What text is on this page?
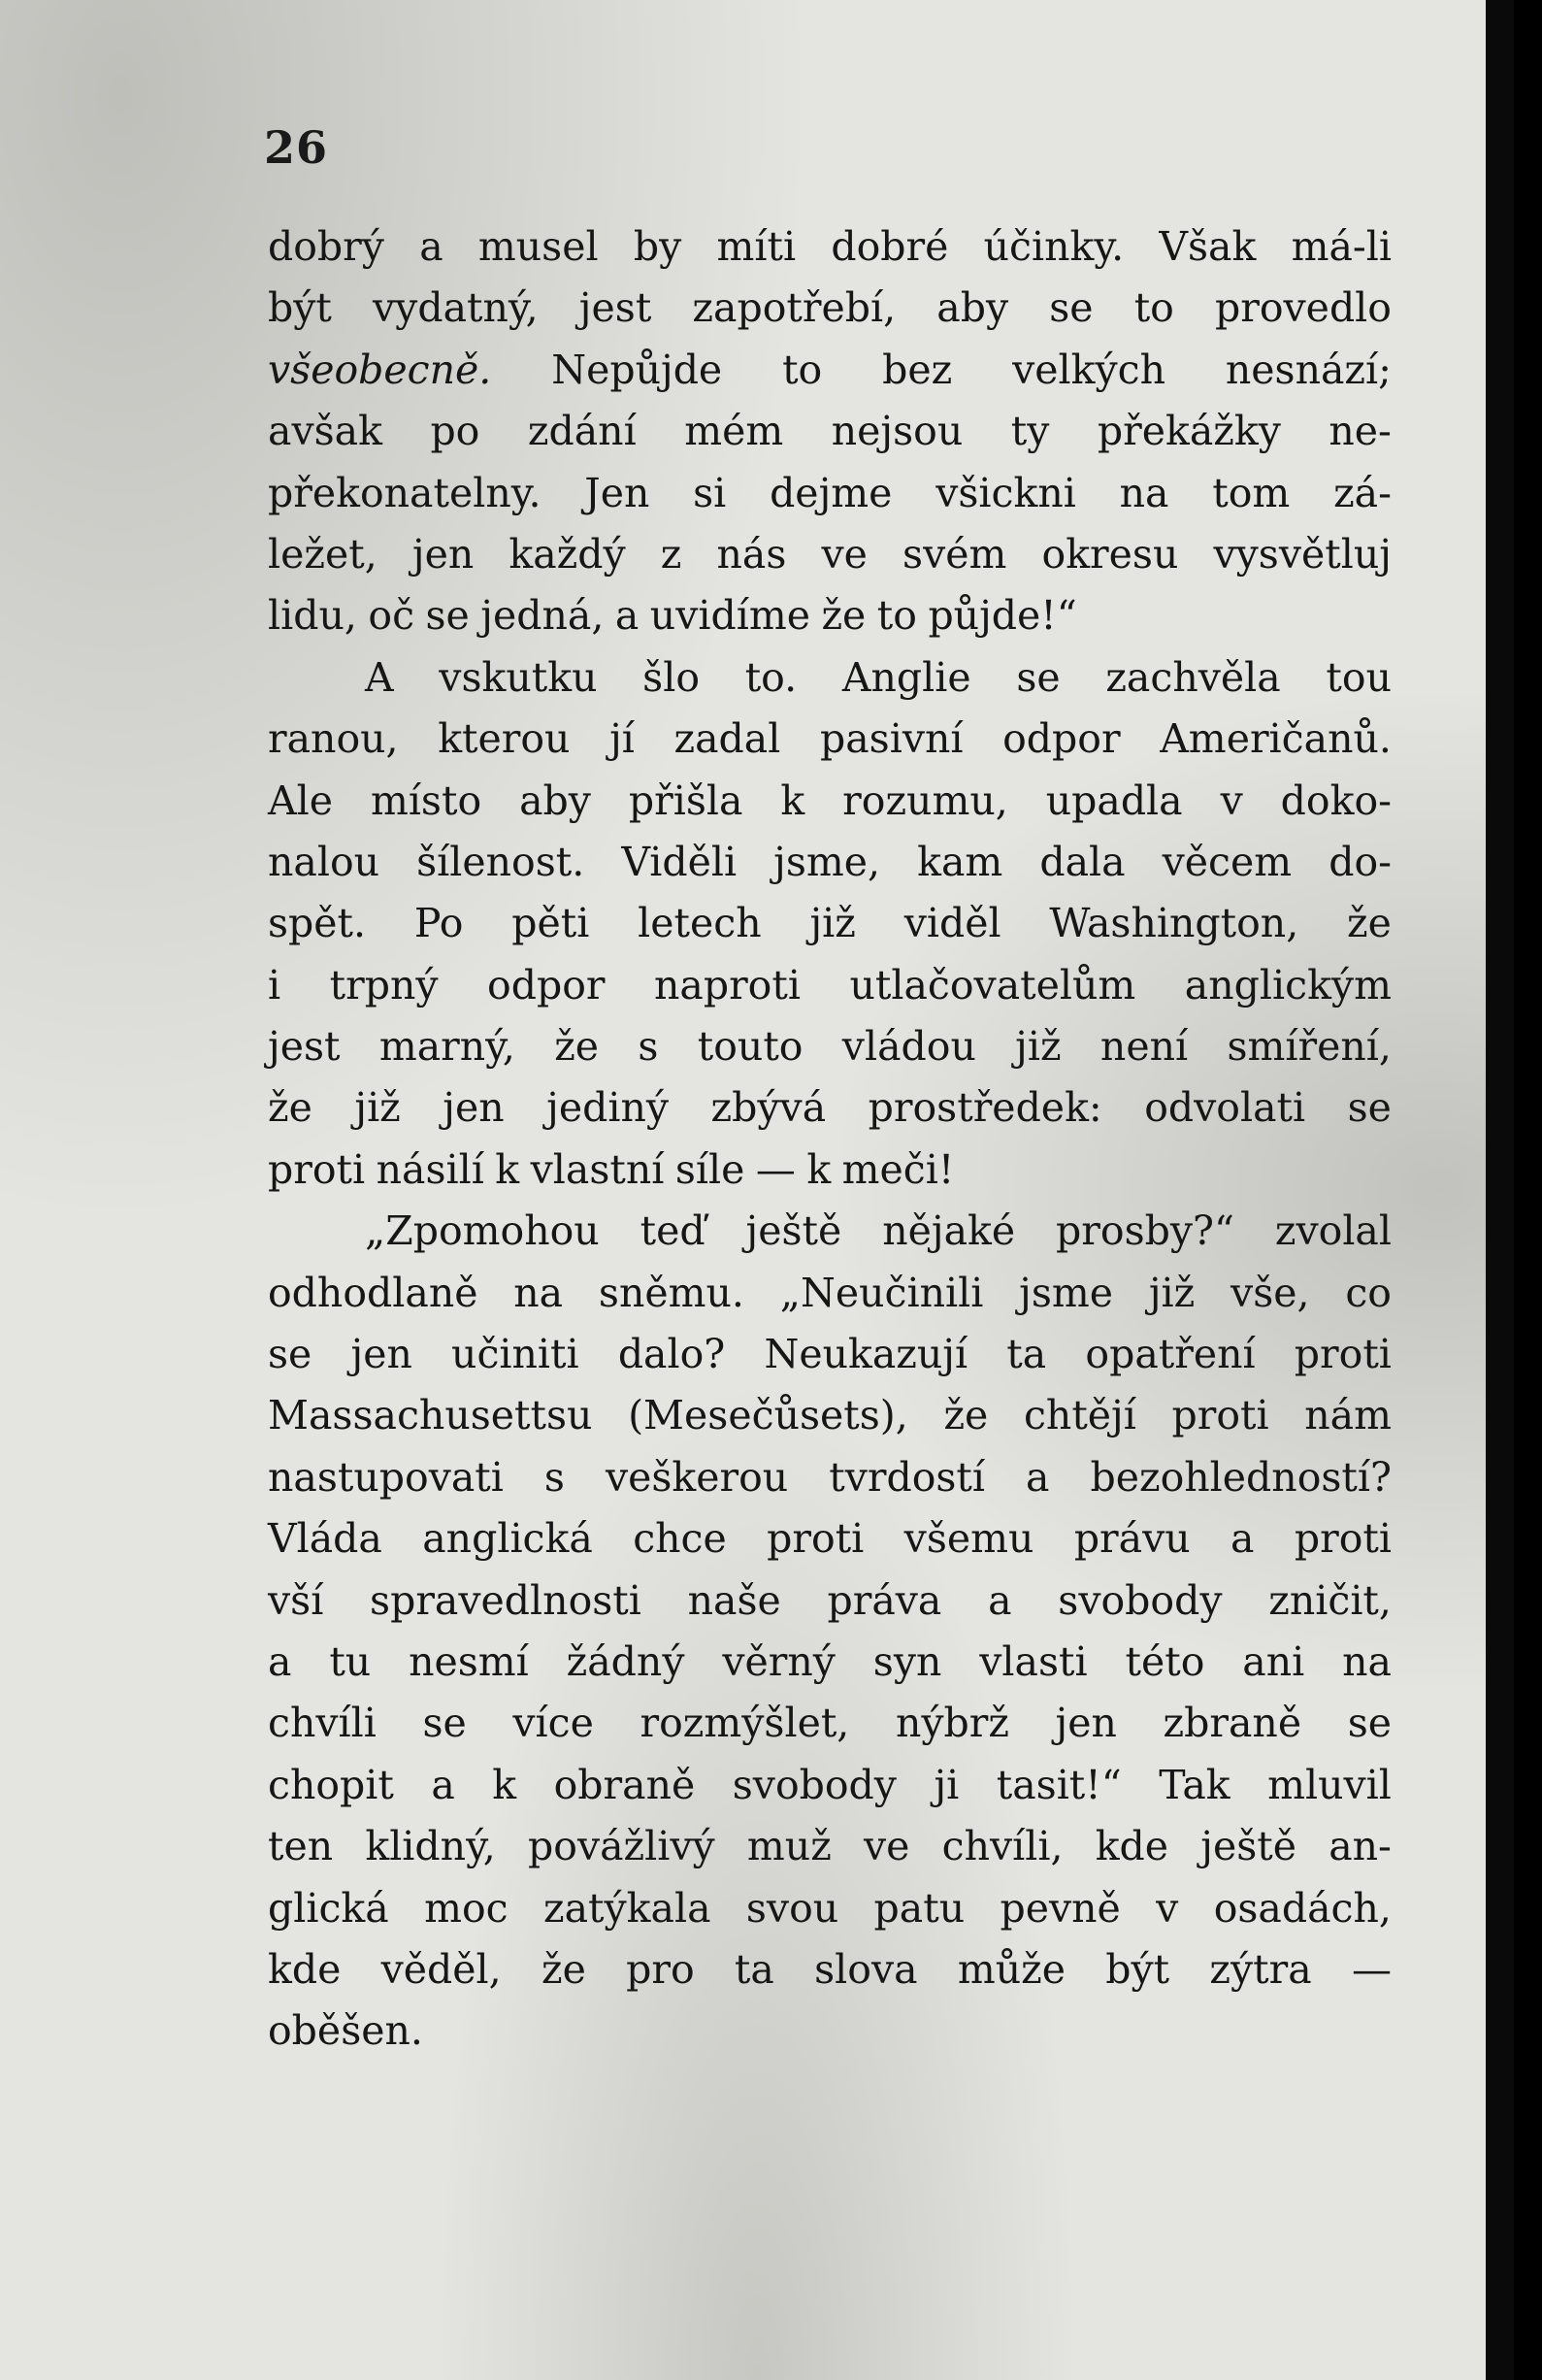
26
dobrý a musel by míti dobré účinky. Však má-li
být vydatný, jest zapotřebí, aby se to provedlo
všeobecně. Nepůjde to bez velkých nesnází;
avšak po zdání mém nejsou ty překážky ne-
překonatelny. Jen si dejme všickni na tom zá-
ležet, jen každý z nás ve svém okresu vysvětluj
lidu, oč se jedná, a uvidíme že to půjde!“
A vskutku šlo to. Anglie se zachvěla tou
ranou, kterou jí zadal pasivní odpor Američanů.
Ale místo aby přišla k rozumu, upadla v doko-
nalou šílenost. Viděli jsme, kam dala věcem do-
spět. Po pěti letech již viděl Washington, že
i trpný odpor naproti utlačovatelům anglickým
jest marný, že s touto vládou již není smíření,
že již jen jediný zbývá prostředek: odvolati se
proti násilí k vlastní síle — k meči!
„Zpomohou teď ještě nějaké prosby?“ zvolal
odhodlaně na sněmu. „Neučinili jsme již vše, co
se jen učiniti dalo? Neukazují ta opatření proti
Massachusettsu (Mesečůsets), že chtějí proti nám
nastupovati s veškerou tvrdostí a bezohledností?
Vláda anglická chce proti všemu právu a proti
vší spravedlnosti naše práva a svobody zničit,
a tu nesmí žádný věrný syn vlasti této ani na
chvíli se více rozmýšlet, nýbrž jen zbraně se
chopit a k obraně svobody ji tasit!“ Tak mluvil
ten klidný, povážlivý muž ve chvíli, kde ještě an-
glická moc zatýkala svou patu pevně v osadách,
kde věděl, že pro ta slova může být zýtra —
oběšen.
